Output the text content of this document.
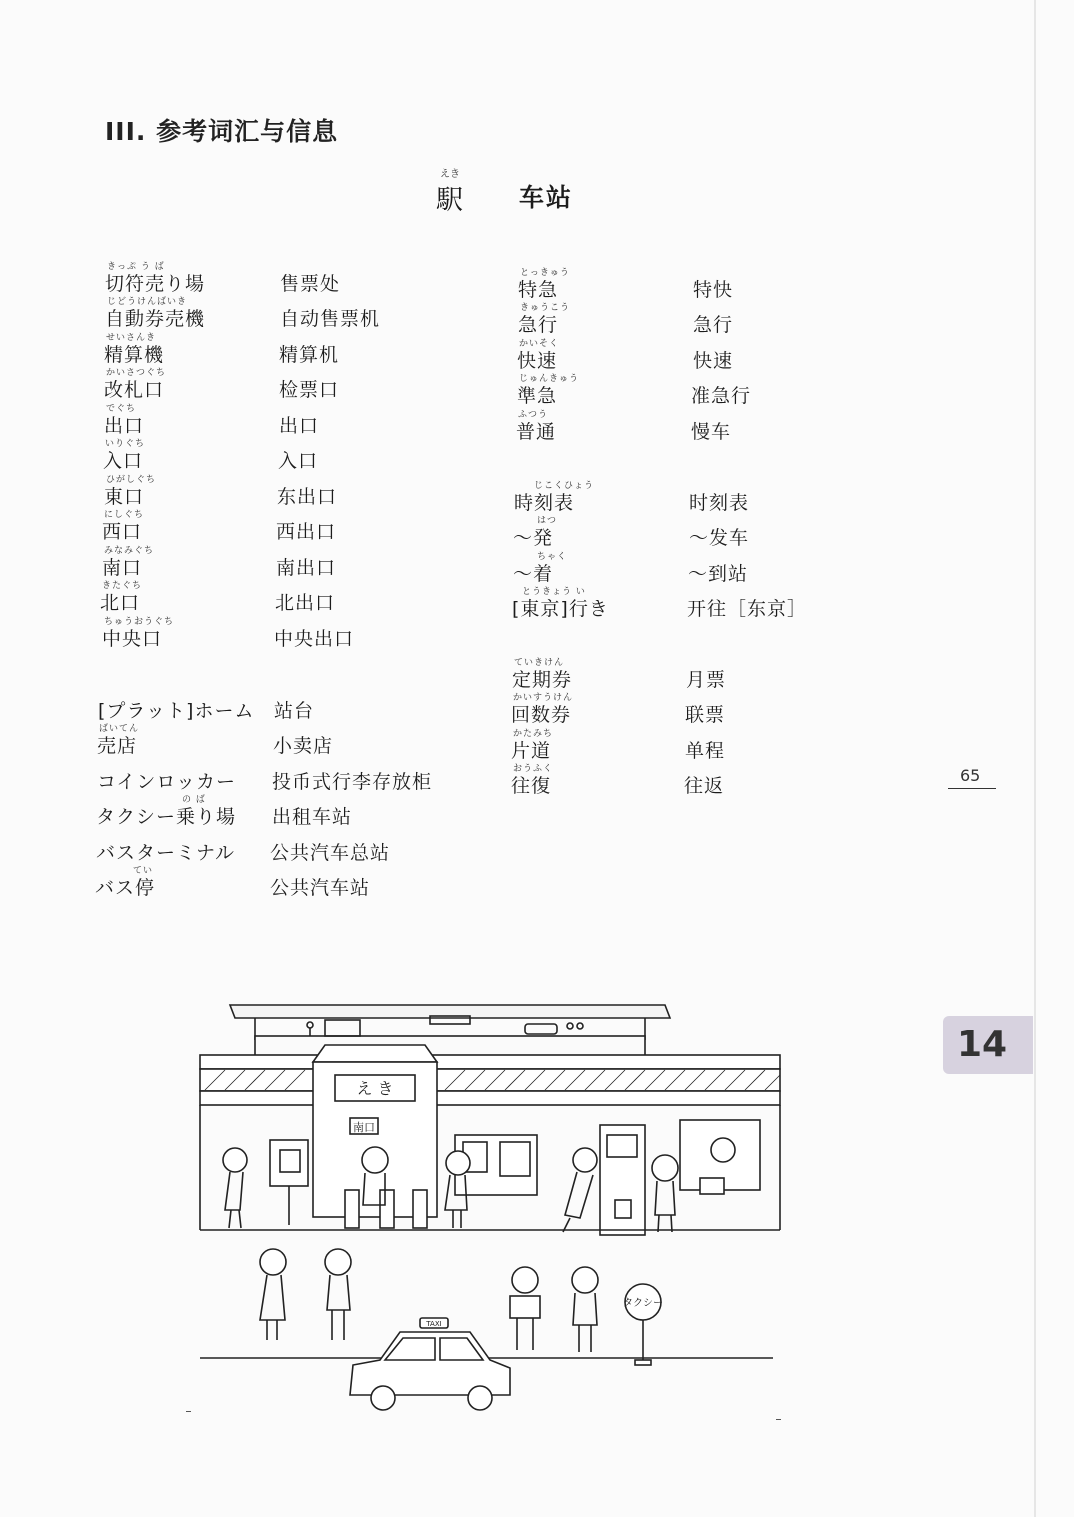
III. 参考词汇与信息
えき
駅 车站
きっぷ う ば
切符売り場	售票处
じどうけんばいき
自動券売機	自动售票机
せいさんき
精算機	精算机
かいさつぐち
改札口	检票口
でぐち
出口	出口
いりぐち
入口	入口
ひがしぐち
東口	东出口
にしぐち
西口	西出口
みなみぐち
南口	南出口
きたぐち
北口	北出口
ちゅうおうぐち
中央口	中央出口
[プラット]ホーム 站台
ばいてん
売店	小卖店
コインロッカー 投币式行李存放柜
の ば
タクシー乗り場 出租车站
バスターミナル 公共汽车总站
てい
バス停	公共汽车站
とっきゅう
特急	特快
きゅうこう
急行	急行
かいそく
快速	快速
じゅんきゅう
準急	准急行
ふつう
普通	慢车
じこくひょう
時刻表	时刻表
はつ
～発	～发车
ちゃく
～着	～到站
とうきょう い
[東京]行き	开往［东京］
ていきけん
定期券	月票
かいすうけん
回数券	联票
かたみち
片道	单程
おうふく
往復	往返	65
14
え き
南口
タクシー
TAXI
